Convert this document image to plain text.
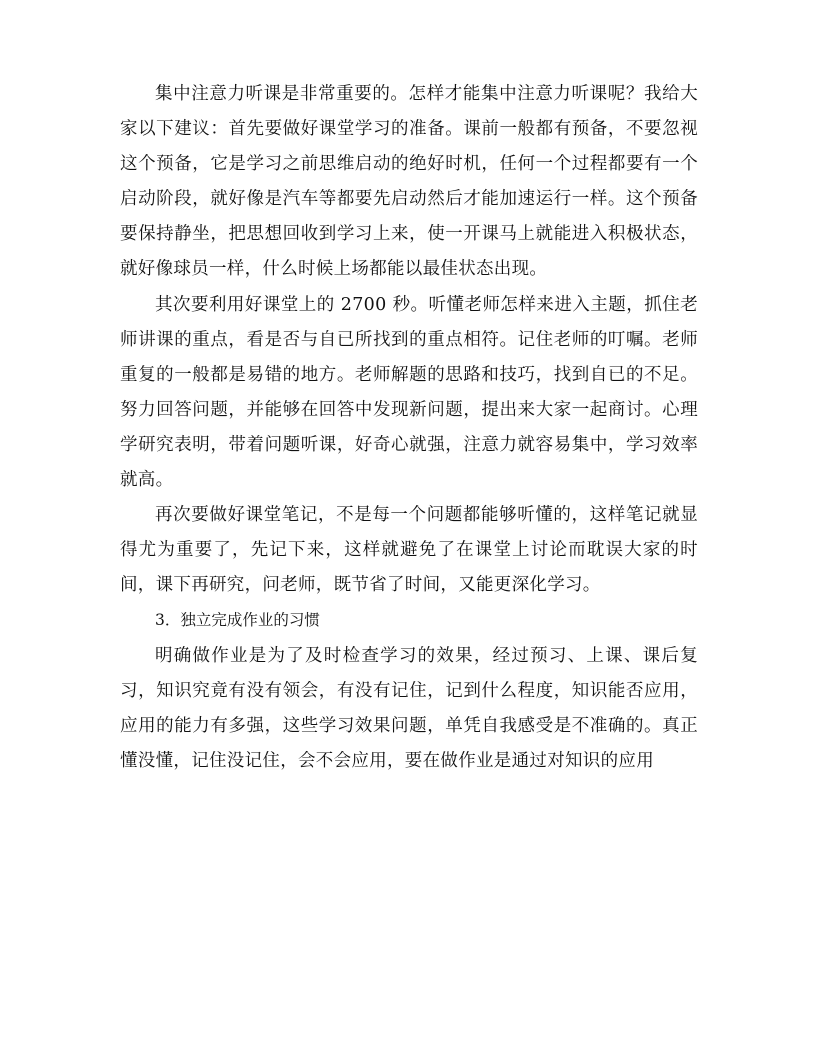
集中注意力听课是非常重要的。怎样才能集中注意力听课呢？我给大家以下建议：首先要做好课堂学习的准备。课前一般都有预备，不要忽视这个预备，它是学习之前思维启动的绝好时机，任何一个过程都要有一个启动阶段，就好像是汽车等都要先启动然后才能加速运行一样。这个预备要保持静坐，把思想回收到学习上来，使一开课马上就能进入积极状态，就好像球员一样，什么时候上场都能以最佳状态出现。

其次要利用好课堂上的 2700 秒。听懂老师怎样来进入主题，抓住老师讲课的重点，看是否与自已所找到的重点相符。记住老师的叮嘱。老师重复的一般都是易错的地方。老师解题的思路和技巧，找到自已的不足。努力回答问题，并能够在回答中发现新问题，提出来大家一起商讨。心理学研究表明，带着问题听课，好奇心就强，注意力就容易集中，学习效率就高。

再次要做好课堂笔记，不是每一个问题都能够听懂的，这样笔记就显得尤为重要了，先记下来，这样就避免了在课堂上讨论而耽误大家的时间，课下再研究，问老师，既节省了时间，又能更深化学习。

3．独立完成作业的习惯

明确做作业是为了及时检查学习的效果，经过预习、上课、课后复习，知识究竟有没有领会，有没有记住，记到什么程度，知识能否应用，应用的能力有多强，这些学习效果问题，单凭自我感受是不准确的。真正懂没懂，记住没记住，会不会应用，要在做作业是通过对知识的应用
